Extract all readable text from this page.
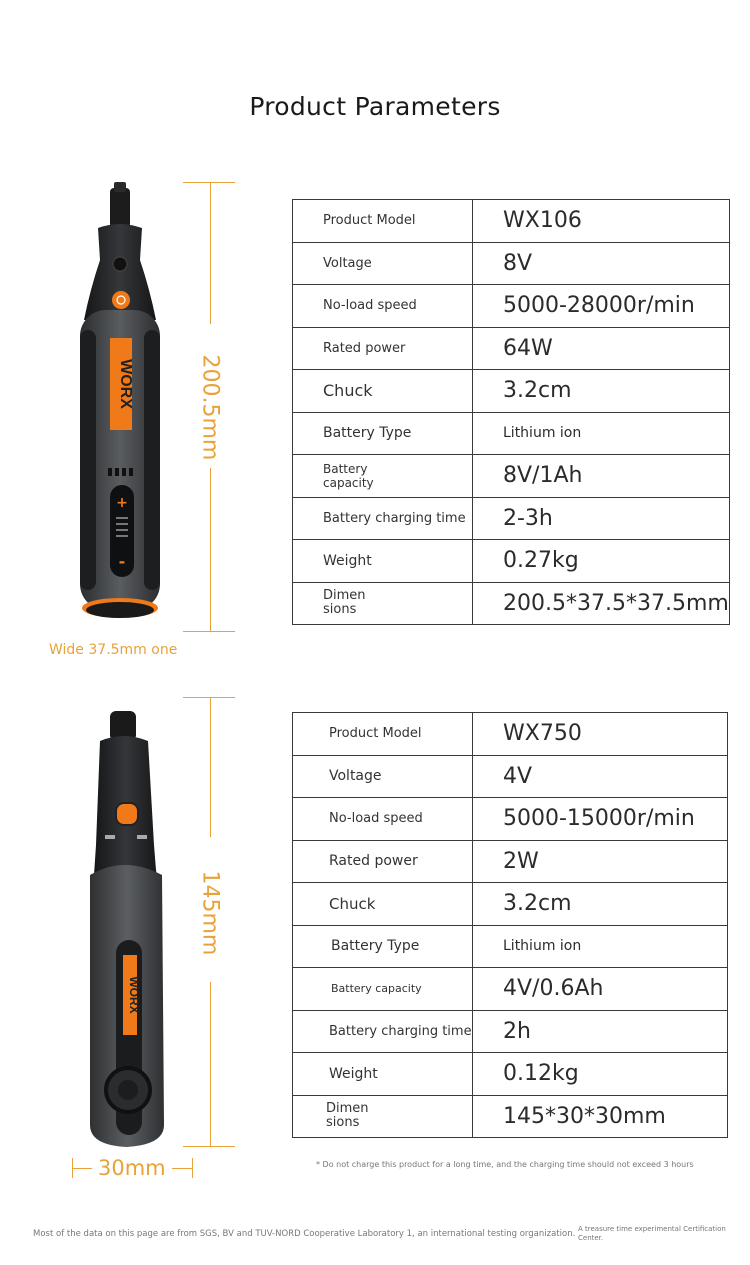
Product Parameters
WORX
+
-
200.5mm
Wide 37.5mm one
Product Model	WX106
Voltage	8V
No-load speed	5000-28000r/min
Rated power	64W
Chuck	3.2cm
Battery Type	Lithium ion
Battery capacity	8V/1Ah
Battery charging time	2-3h
Weight	0.27kg
Dimensions	200.5*37.5*37.5mm
WORX
145mm
30mm
Product Model	WX750
Voltage	4V
No-load speed	5000-15000r/min
Rated power	2W
Chuck	3.2cm
Battery Type	Lithium ion
Battery capacity	4V/0.6Ah
Battery charging time	2h
Weight	0.12kg
Dimensions	145*30*30mm
* Do not charge this product for a long time, and the charging time should not exceed 3 hours
Most of the data on this page are from SGS, BV and TUV-NORD Cooperative Laboratory 1, an international testing organization. A treasure time experimental Certification Center.
